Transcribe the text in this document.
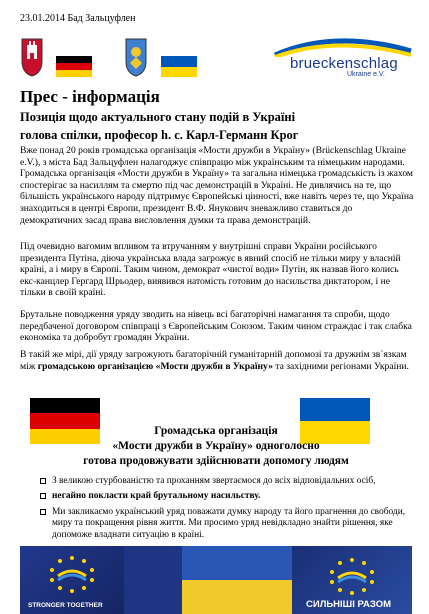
23.01.2014 Бад Зальцуфлен
brueckenschlag
Ukraine e.V.
Прес - інформація
Позиція щодо актуального стану подій в Україні
голова спілки, професор h. c. Карл-Германн Крог

Вже понад 20 років громадська організація «Мости дружби в Україну» (Brückenschlag Ukraine e.V.), з міста Бад Зальцуфлен налагоджує співпрацю між українським та німецьким народами. Громадська організація «Мости дружби в Україну» та загальна німецька громадськість із жахом спостерігає за насиллям та смертю під час демонстрацій в Україні. Не дивлячись на те, що більшість українського народу підтримує Європейські цінності, вже навіть через те, що Україна знаходиться в центрі Європи, президент В.Ф. Янукович зневажливо ставиться до демократичних засад права висловлення думки та права демонстрацій.

Під очевидно вагомим впливом та втручанням у внутрішні справи України російського президента Путіна, діюча українська влада загрожує в явний спосіб не тільки миру у власній країні, а і миру в Європі. Таким чином, демократ «чистої води» Путін, як назвав його колись екс-канцлер Гергард Шрьодер, виявився натомість готовим до насильства диктатором, і не тільки в своїй країні.

Брутальне поводження уряду зводить на нівець всі багаторічні намагання та спроби, щодо передбаченої договором співпраці з Європейським Союзом. Таким чином страждає і так слабка економіка та добробут громадян України.

В такій же мірі, дії уряду загрожують багаторічній гуманітарній допомозі та дружнім зв`язкам між громадською організацією «Мости дружби в Україну» та західними регіонами України.

Громадська організація
«Мости дружби в Україну» одноголосно
готова продовжувати здійснювати допомогу людям
З великою стурбованістю та проханням звертаємося до всіх відповідальних осіб,
негайно покласти край брутальному насильству.
Ми закликаємо український уряд поважати думку народу та його прагнення до свободи, миру та покращення рівня життя. Ми просимо уряд невідкладно знайти рішення, яке допоможе владнати ситуацію в країні.
STRONGER TOGETHER	СИЛЬНІШІ РАЗОМ
